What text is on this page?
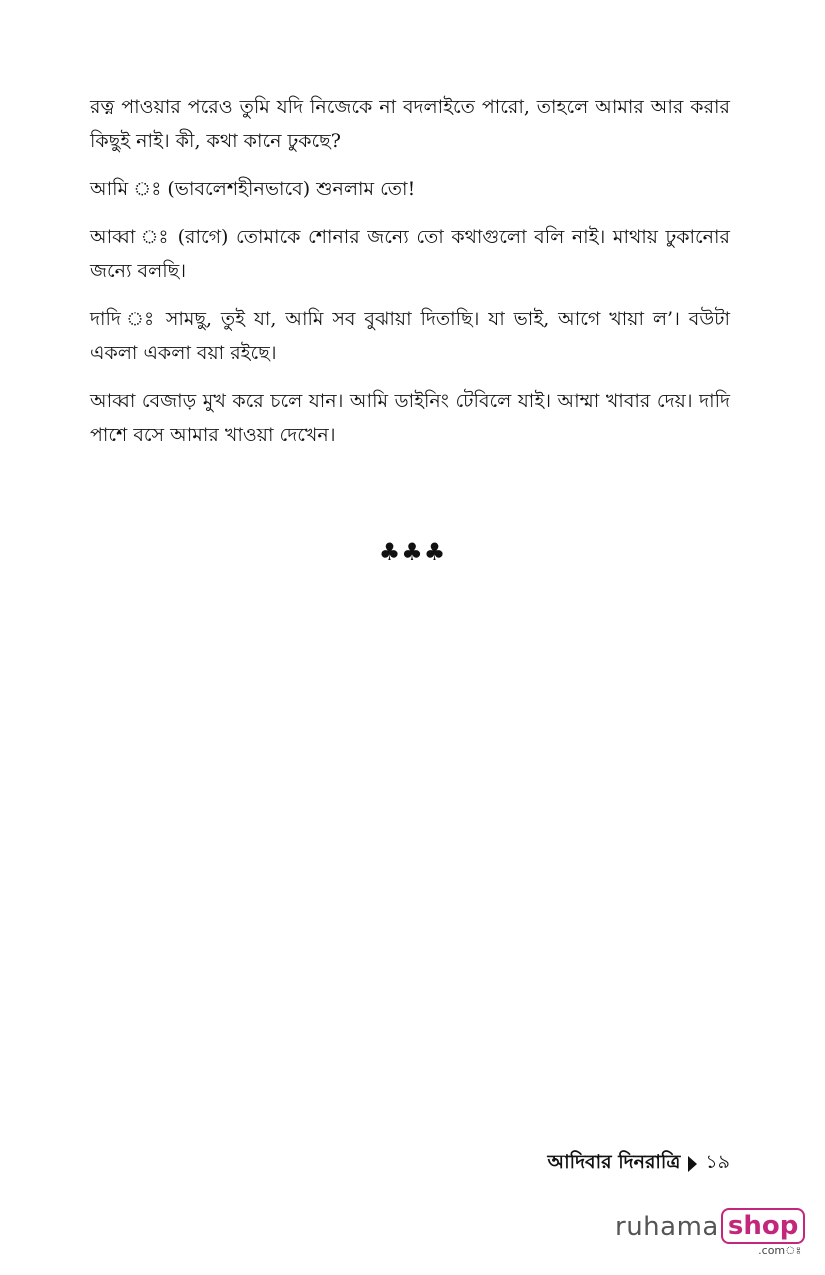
রত্ন পাওয়ার পরেও তুমি যদি নিজেকে না বদলাইতে পারো, তাহলে আমার আর করার কিছুই নাই। কী, কথা কানে ঢুকছে?

আমি ঃ (ভাবলেশহীনভাবে) শুনলাম তো!

আব্বা ঃ (রাগে) তোমাকে শোনার জন্যে তো কথাগুলো বলি নাই। মাথায় ঢুকানোর জন্যে বলছি।

দাদি ঃ সামছু, তুই যা, আমি সব বুঝায়া দিতাছি। যা ভাই, আগে খায়া ল’। বউটা একলা একলা বয়া রইছে।

আব্বা বেজাড় মুখ করে চলে যান। আমি ডাইনিং টেবিলে যাই। আম্মা খাবার দেয়। দাদি পাশে বসে আমার খাওয়া দেখেন।

♣♣♣
আদিবার দিনরাত্রি ১৯
ruhama shop
.comঃ
